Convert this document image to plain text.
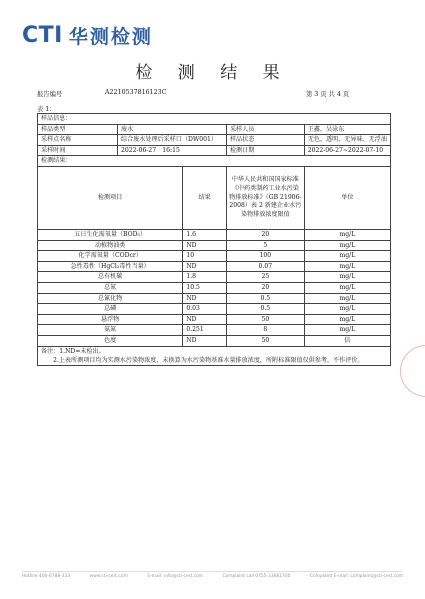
CTI 华测检测
检 测 结 果
报告编号	A2210537816123C	第 3 页 共 4 页
表 1：
样品信息：				
样品类型	废水		采样人员	王鑫、吴泳东
采样点名称	综合废水处理后采样口（DW001）		样品状态	无色、透明、无异味、无浮油
采样时间	2022-06-27　16:15		检测日期	2022-06-27~2022-07-10
检测结果：				
检测项目		结果	中华人民共和国国家标准《中药类制药工业水污染物排放标准》（GB 21906-2008）表 2 新建企业水污染物排放浓度限值	单位
五日生化需氧量（BOD₅）		1.6	20	mg/L
动植物油类		ND	5	mg/L
化学需氧量（CODcr）		10	100	mg/L
急性毒性（HgCl₂毒性当量）		ND	0.07	mg/L
总有机碳		1.8	25	mg/L
总氮		10.5	20	mg/L
总氰化物		ND	0.5	mg/L
总磷		0.03	0.5	mg/L
悬浮物		ND	50	mg/L
氨氮		0.251	8	mg/L
色度		ND	50	倍

备注：1.ND=未检出。
2.上表所测项目均为实测水污染物浓度，未换算为水污染物基准水量排放浓度，所附标准限值仅供参考，不作评价。				
Hotline 400-6788-333	www.cti-cert.com	E-mail: info@cti-cert.com	Complaint call 0755-33681700	Complaint E-mail: complaint@cti-cert.com
